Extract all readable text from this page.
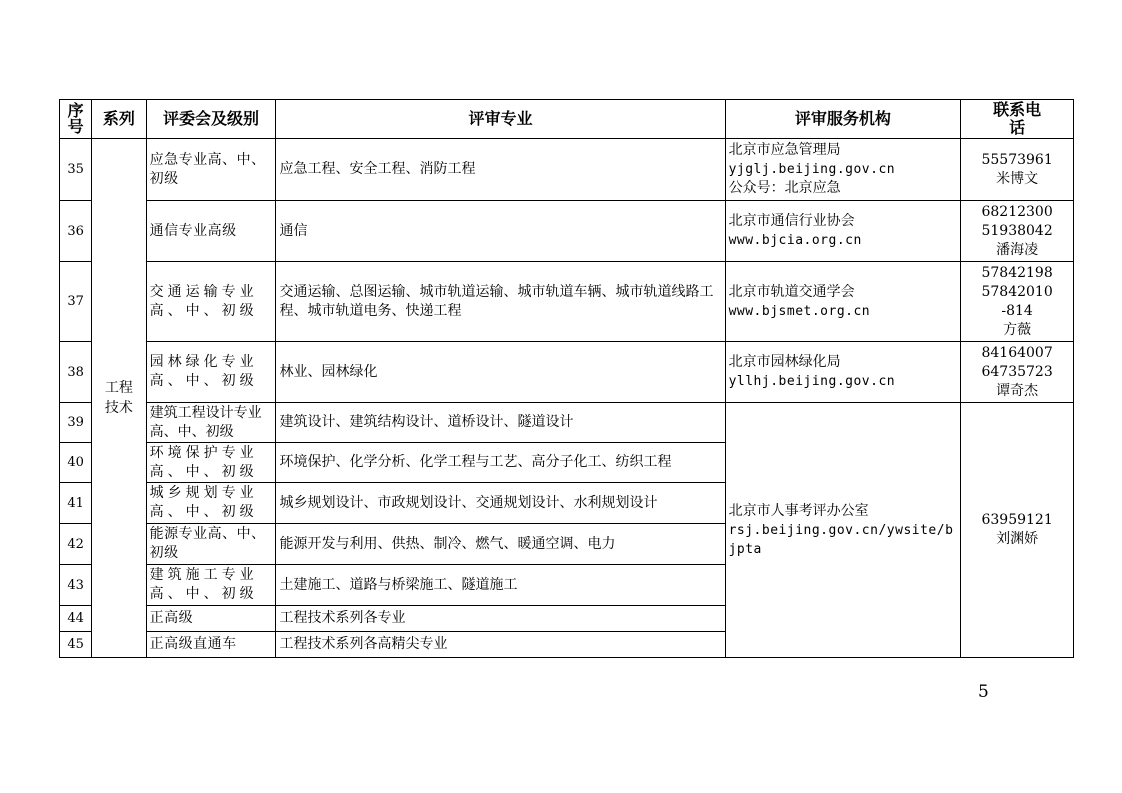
序号	系列	评委会及级别	评审专业	评审服务机构	联系电话
35	工程技术	应急专业高、中、初级	应急工程、安全工程、消防工程	北京市应急管理局
yjglj.beijing.gov.cn
公众号：北京应急	55573961
米博文

36		通信专业高级	通信	北京市通信行业协会
www.bjcia.org.cn	68212300
51938042
潘海凌

37		交通运输专业高、中、初级	交通运输、总图运输、城市轨道运输、城市轨道车辆、城市轨道线路工程、城市轨道电务、快递工程	北京市轨道交通学会
www.bjsmet.org.cn	57842198
57842010
-814
方薇

38		园林绿化专业高、中、初级	林业、园林绿化	北京市园林绿化局
yllhj.beijing.gov.cn	84164007
64735723
谭奇杰

39		建筑工程设计专业高、中、初级	建筑设计、建筑结构设计、道桥设计、隧道设计	北京市人事考评办公室
rsj.beijing.gov.cn/ywsite/bjpta	63959121
刘渊娇

40		环境保护专业高、中、初级	环境保护、化学分析、化学工程与工艺、高分子化工、纺织工程		
41		城乡规划专业高、中、初级	城乡规划设计、市政规划设计、交通规划设计、水利规划设计		
42		能源专业高、中、初级	能源开发与利用、供热、制冷、燃气、暖通空调、电力		
43		建筑施工专业高、中、初级	土建施工、道路与桥梁施工、隧道施工		
44		正高级	工程技术系列各专业		
45		正高级直通车	工程技术系列各高精尖专业		
5
